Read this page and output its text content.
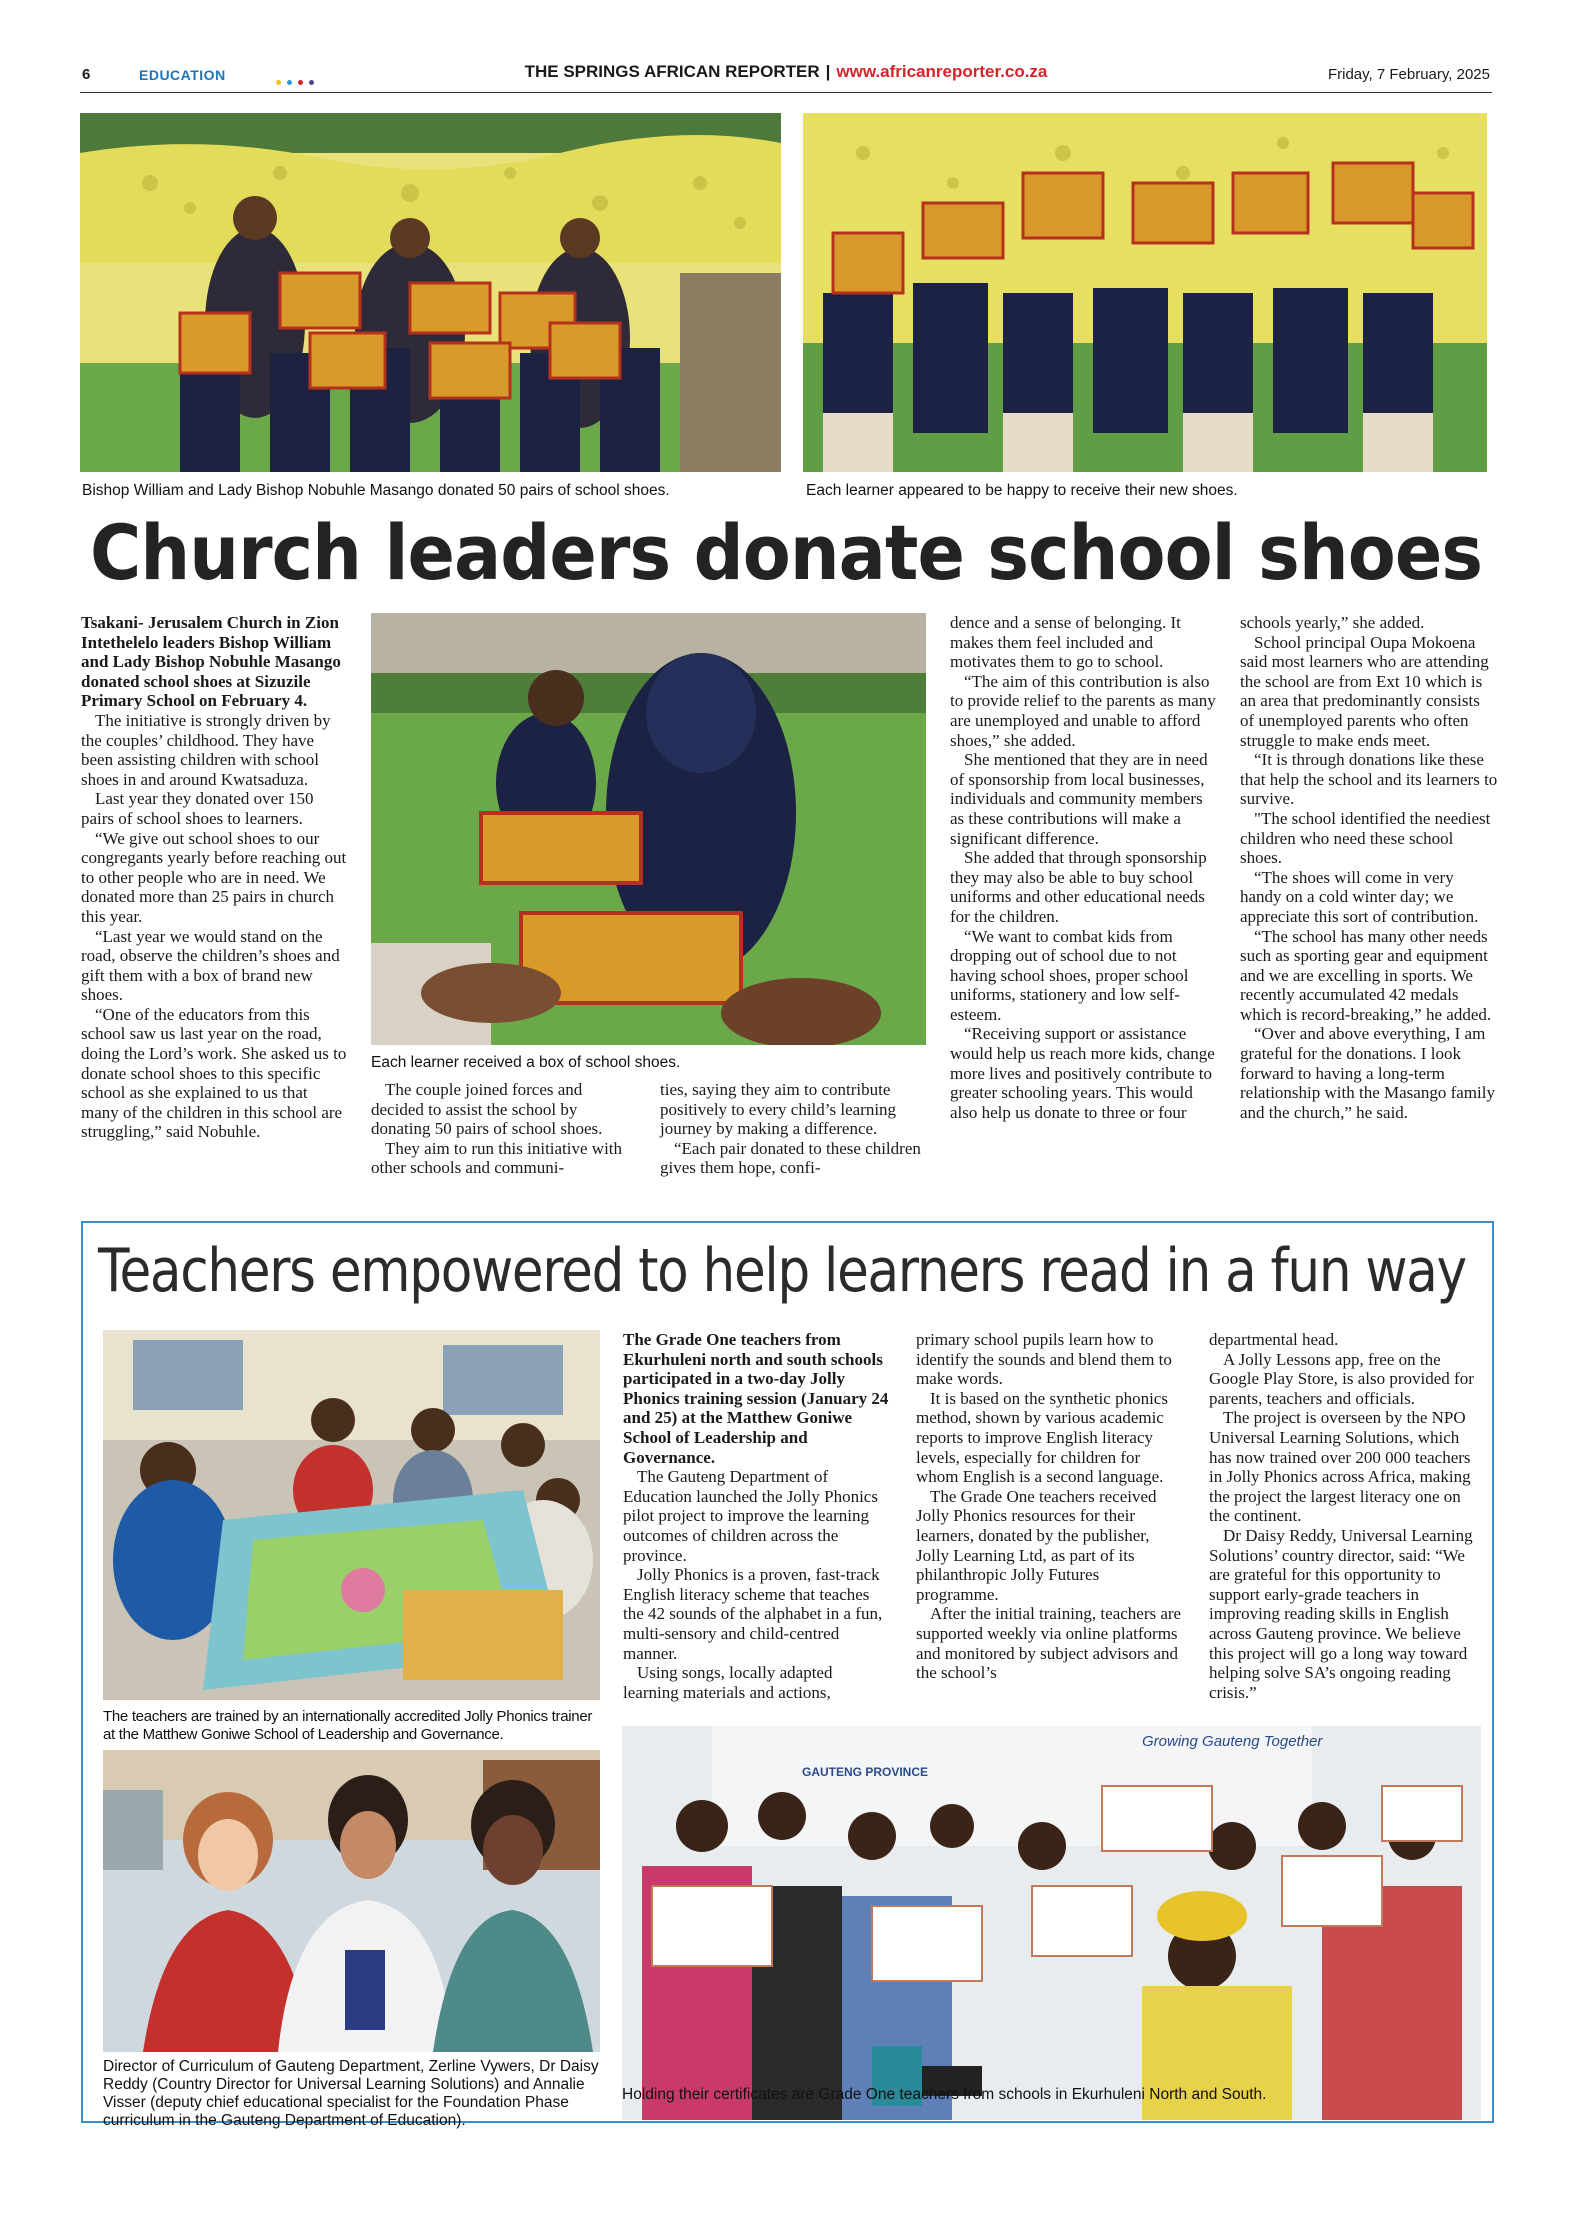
6	EDUCATION	THE SPRINGS AFRICAN REPORTER | www.africanreporter.co.za	Friday, 7 February, 2025
Bishop William and Lady Bishop Nobuhle Masango donated 50 pairs of school shoes.	Each learner appeared to be happy to receive their new shoes.
Church leaders donate school shoes

Tsakani- Jerusalem Church in Zion Intethelelo leaders Bishop William and Lady Bishop Nobuhle Masango donated school shoes at Sizuzile Primary School on February 4.

The initiative is strongly driven by the couples’ childhood. They have been assisting children with school shoes in and around Kwatsaduza.

Last year they donated over 150 pairs of school shoes to learners.

“We give out school shoes to our congregants yearly before reaching out to other people who are in need. We donated more than 25 pairs in church this year.

“Last year we would stand on the road, observe the children’s shoes and gift them with a box of brand new shoes.

“One of the educators from this school saw us last year on the road, doing the Lord’s work. She asked us to donate school shoes to this specific school as she explained to us that many of the children in this school are struggling,” said Nobuhle.

Each learner received a box of school shoes.

The couple joined forces and decided to assist the school by donating 50 pairs of school shoes.

They aim to run this initiative with other schools and communi-

ties, saying they aim to contribute positively to every child’s learning journey by making a difference.

“Each pair donated to these children gives them hope, confi-

dence and a sense of belonging. It makes them feel included and motivates them to go to school.

“The aim of this contribution is also to provide relief to the parents as many are unemployed and unable to afford shoes,” she added.

She mentioned that they are in need of sponsorship from local businesses, individuals and community members as these contributions will make a significant difference.

She added that through sponsorship they may also be able to buy school uniforms and other educational needs for the children.

“We want to combat kids from dropping out of school due to not having school shoes, proper school uniforms, stationery and low self-esteem.

“Receiving support or assistance would help us reach more kids, change more lives and positively contribute to greater schooling years. This would also help us donate to three or four

schools yearly,” she added.

School principal Oupa Mokoena said most learners who are attending the school are from Ext 10 which is an area that predominantly consists of unemployed parents who often struggle to make ends meet.

“It is through donations like these that help the school and its learners to survive.

"The school identified the neediest children who need these school shoes.

“The shoes will come in very handy on a cold winter day; we appreciate this sort of contribution.

“The school has many other needs such as sporting gear and equipment and we are excelling in sports. We recently accumulated 42 medals which is record-breaking,” he added.

“Over and above everything, I am grateful for the donations. I look forward to having a long-term relationship with the Masango family and the church,” he said.

Teachers empowered to help learners read in a fun way
The teachers are trained by an internationally accredited Jolly Phonics trainer at the Matthew Goniwe School of Leadership and Governance.
Director of Curriculum of Gauteng Department, Zerline Vywers, Dr Daisy Reddy (Country Director for Universal Learning Solutions) and Annalie Visser (deputy chief educational specialist for the Foundation Phase curriculum in the Gauteng Department of Education).

The Grade One teachers from Ekurhuleni north and south schools participated in a two-day Jolly Phonics training session (January 24 and 25) at the Matthew Goniwe School of Leadership and Governance.

The Gauteng Department of Education launched the Jolly Phonics pilot project to improve the learning outcomes of children across the province.

Jolly Phonics is a proven, fast-track English literacy scheme that teaches the 42 sounds of the alphabet in a fun, multi-sensory and child-centred manner.

Using songs, locally adapted learning materials and actions,

primary school pupils learn how to identify the sounds and blend them to make words.

It is based on the synthetic phonics method, shown by various academic reports to improve English literacy levels, especially for children for whom English is a second language.

The Grade One teachers received Jolly Phonics resources for their learners, donated by the publisher, Jolly Learning Ltd, as part of its philanthropic Jolly Futures programme.

After the initial training, teachers are supported weekly via online platforms and monitored by subject advisors and the school’s

departmental head.

A Jolly Lessons app, free on the Google Play Store, is also provided for parents, teachers and officials.

The project is overseen by the NPO Universal Learning Solutions, which has now trained over 200 000 teachers in Jolly Phonics across Africa, making the project the largest literacy one on the continent.

Dr Daisy Reddy, Universal Learning Solutions’ country director, said: “We are grateful for this opportunity to support early-grade teachers in improving reading skills in English across Gauteng province. We believe this project will go a long way toward helping solve SA’s ongoing reading crisis.”

Growing Gauteng Together
GAUTENG PROVINCE
Holding their certificates are Grade One teachers from schools in Ekurhuleni North and South.
